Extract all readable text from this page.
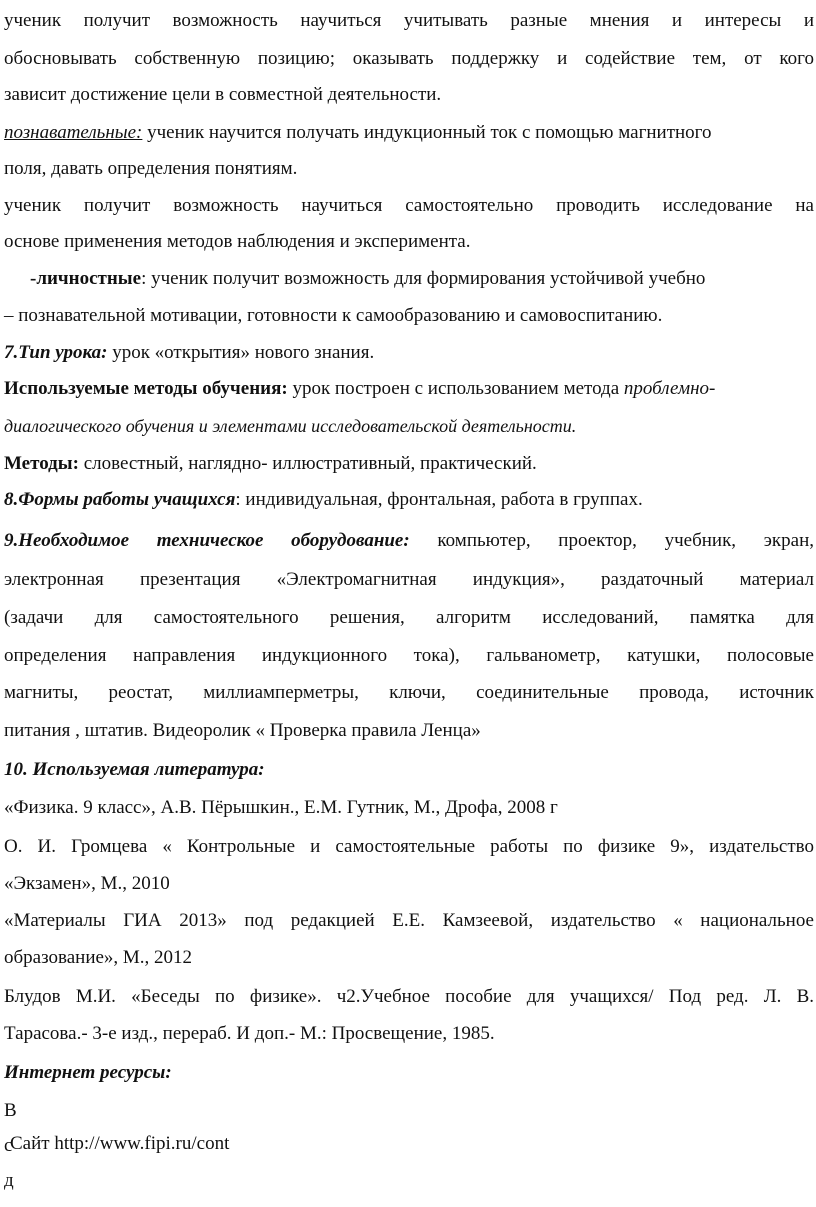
ученик получит возможность научиться учитывать разные мнения и интересы и
обосновывать собственную позицию; оказывать поддержку и содействие тем, от кого
зависит достижение цели в совместной деятельности.
познавательные: ученик научится получать индукционный ток с помощью магнитного
поля, давать определения понятиям.
ученик получит возможность научиться самостоятельно проводить исследование на
основе применения методов наблюдения и эксперимента.
-личностные: ученик получит возможность для формирования устойчивой учебно
– познавательной мотивации, готовности к самообразованию и самовоспитанию.
7.Тип урока: урок «открытия» нового знания.
Используемые методы обучения: урок построен с использованием метода проблемно-
диалогического обучения и элементами исследовательской деятельности.
Методы: словестный, наглядно- иллюстративный, практический.
8.Формы работы учащихся: индивидуальная, фронтальная, работа в группах.
9.Необходимое техническое оборудование: компьютер, проектор, учебник, экран,
электронная презентация «Электромагнитная индукция», раздаточный материал
(задачи для самостоятельного решения, алгоритм исследований, памятка для
определения направления индукционного тока), гальванометр, катушки, полосовые
магниты, реостат, миллиамперметры, ключи, соединительные провода, источник
питания , штатив. Видеоролик « Проверка правила Ленца»
10. Используемая литература:
«Физика. 9 класс», А.В. Пёрышкин., Е.М. Гутник, М., Дрофа, 2008 г
О. И. Громцева « Контрольные и самостоятельные работы по физике 9», издательство
«Экзамен», М., 2010
«Материалы ГИА 2013» под редакцией Е.Е. Камзеевой, издательство « национальное
образование», М., 2012
Блудов М.И. «Беседы по физике». ч2.Учебное пособие для учащихся/ Под ред. Л. В.
Тарасова.- 3-е изд., перераб. И доп.- М.: Просвещение, 1985.
Интернет ресурсы:
В
с
Сайт http://www.fipi.ru/cont
д
